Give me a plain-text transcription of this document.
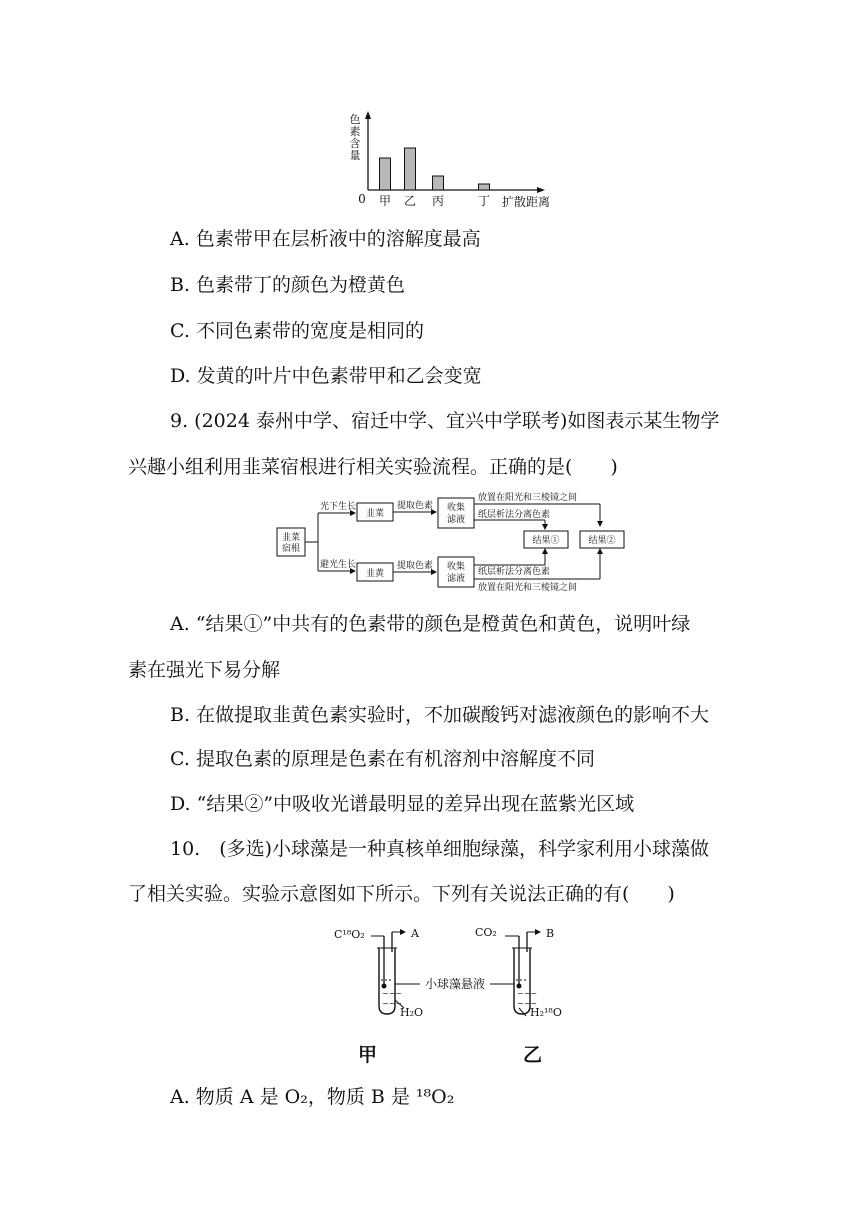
色
素
含
量
0	扩散距离
甲 乙 丙	丁
A. 色素带甲在层析液中的溶解度最高
B. 色素带丁的颜色为橙黄色
C. 不同色素带的宽度是相同的
D. 发黄的叶片中色素带甲和乙会变宽
9. (2024 泰州中学、宿迁中学、宜兴中学联考)如图表示某生物学
兴趣小组利用韭菜宿根进行相关实验流程。正确的是(　　)
韭菜
宿根
光下生长
避光生长
韭菜
韭黄
提取色素
提取色素
收集
滤液
收集
滤液
放置在阳光和三棱镜之间
纸层析法分离色素
纸层析法分离色素
放置在阳光和三棱镜之间
结果①	结果②
A. “结果①”中共有的色素带的颜色是橙黄色和黄色，说明叶绿
素在强光下易分解
B. 在做提取韭黄色素实验时，不加碳酸钙对滤液颜色的影响不大
C. 提取色素的原理是色素在有机溶剂中溶解度不同
D. “结果②”中吸收光谱最明显的差异出现在蓝紫光区域
10.　(多选)小球藻是一种真核单细胞绿藻，科学家利用小球藻做
了相关实验。实验示意图如下所示。下列有关说法正确的有(　　)
~~~
~~~
C¹⁸O₂	A
H₂O
~~~
~~~
CO₂	B
H₂¹⁸O
小球藻悬液
甲	乙
A. 物质 A 是 O₂，物质 B 是 ¹⁸O₂
